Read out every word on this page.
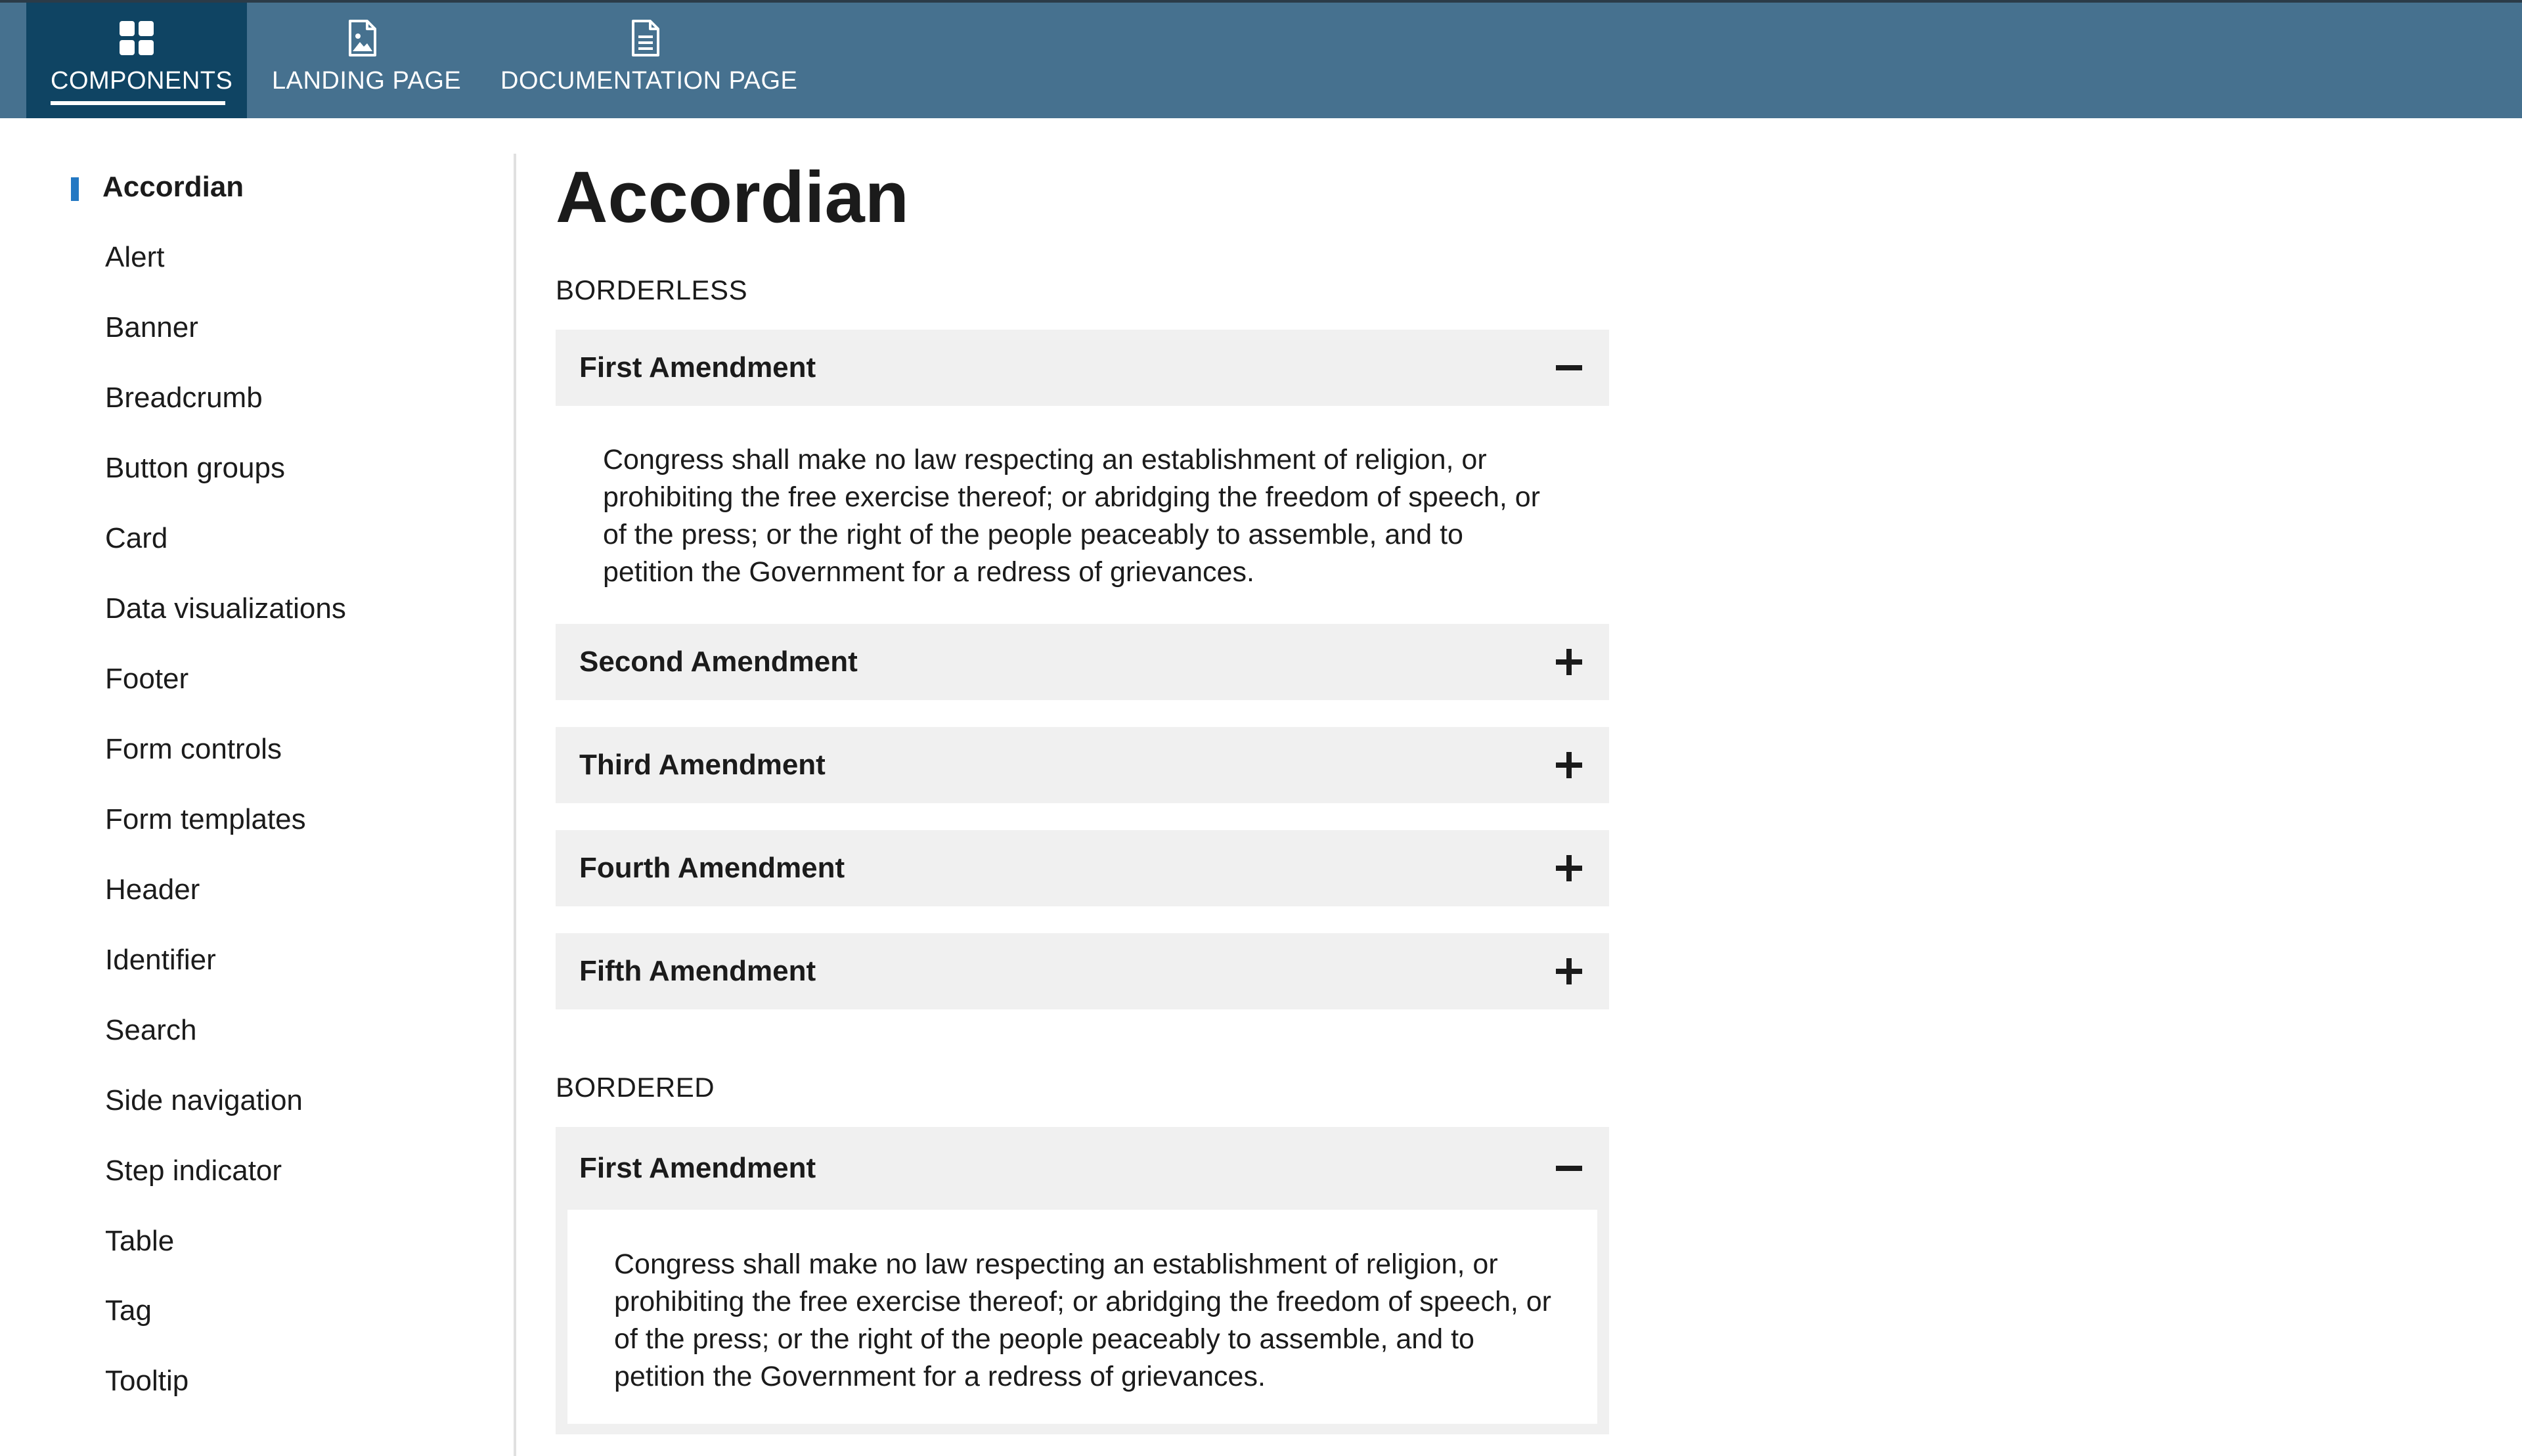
COMPONENTS LANDING PAGE DOCUMENTATION PAGE
Accordian
Alert
Banner
Breadcrumb
Button groups
Card
Data visualizations
Footer
Form controls
Form templates
Header
Identifier
Search
Side navigation
Step indicator
Table
Tag
Tooltip
Accordian
BORDERLESS
First Amendment

Congress shall make no law respecting an establishment of religion, or prohibiting the free exercise thereof; or abridging the freedom of speech, or of the press; or the right of the people peaceably to assemble, and to petition the Government for a redress of grievances.

Second Amendment
Third Amendment
Fourth Amendment
Fifth Amendment
BORDERED
First Amendment

Congress shall make no law respecting an establishment of religion, or prohibiting the free exercise thereof; or abridging the freedom of speech, or of the press; or the right of the people peaceably to assemble, and to petition the Government for a redress of grievances.
